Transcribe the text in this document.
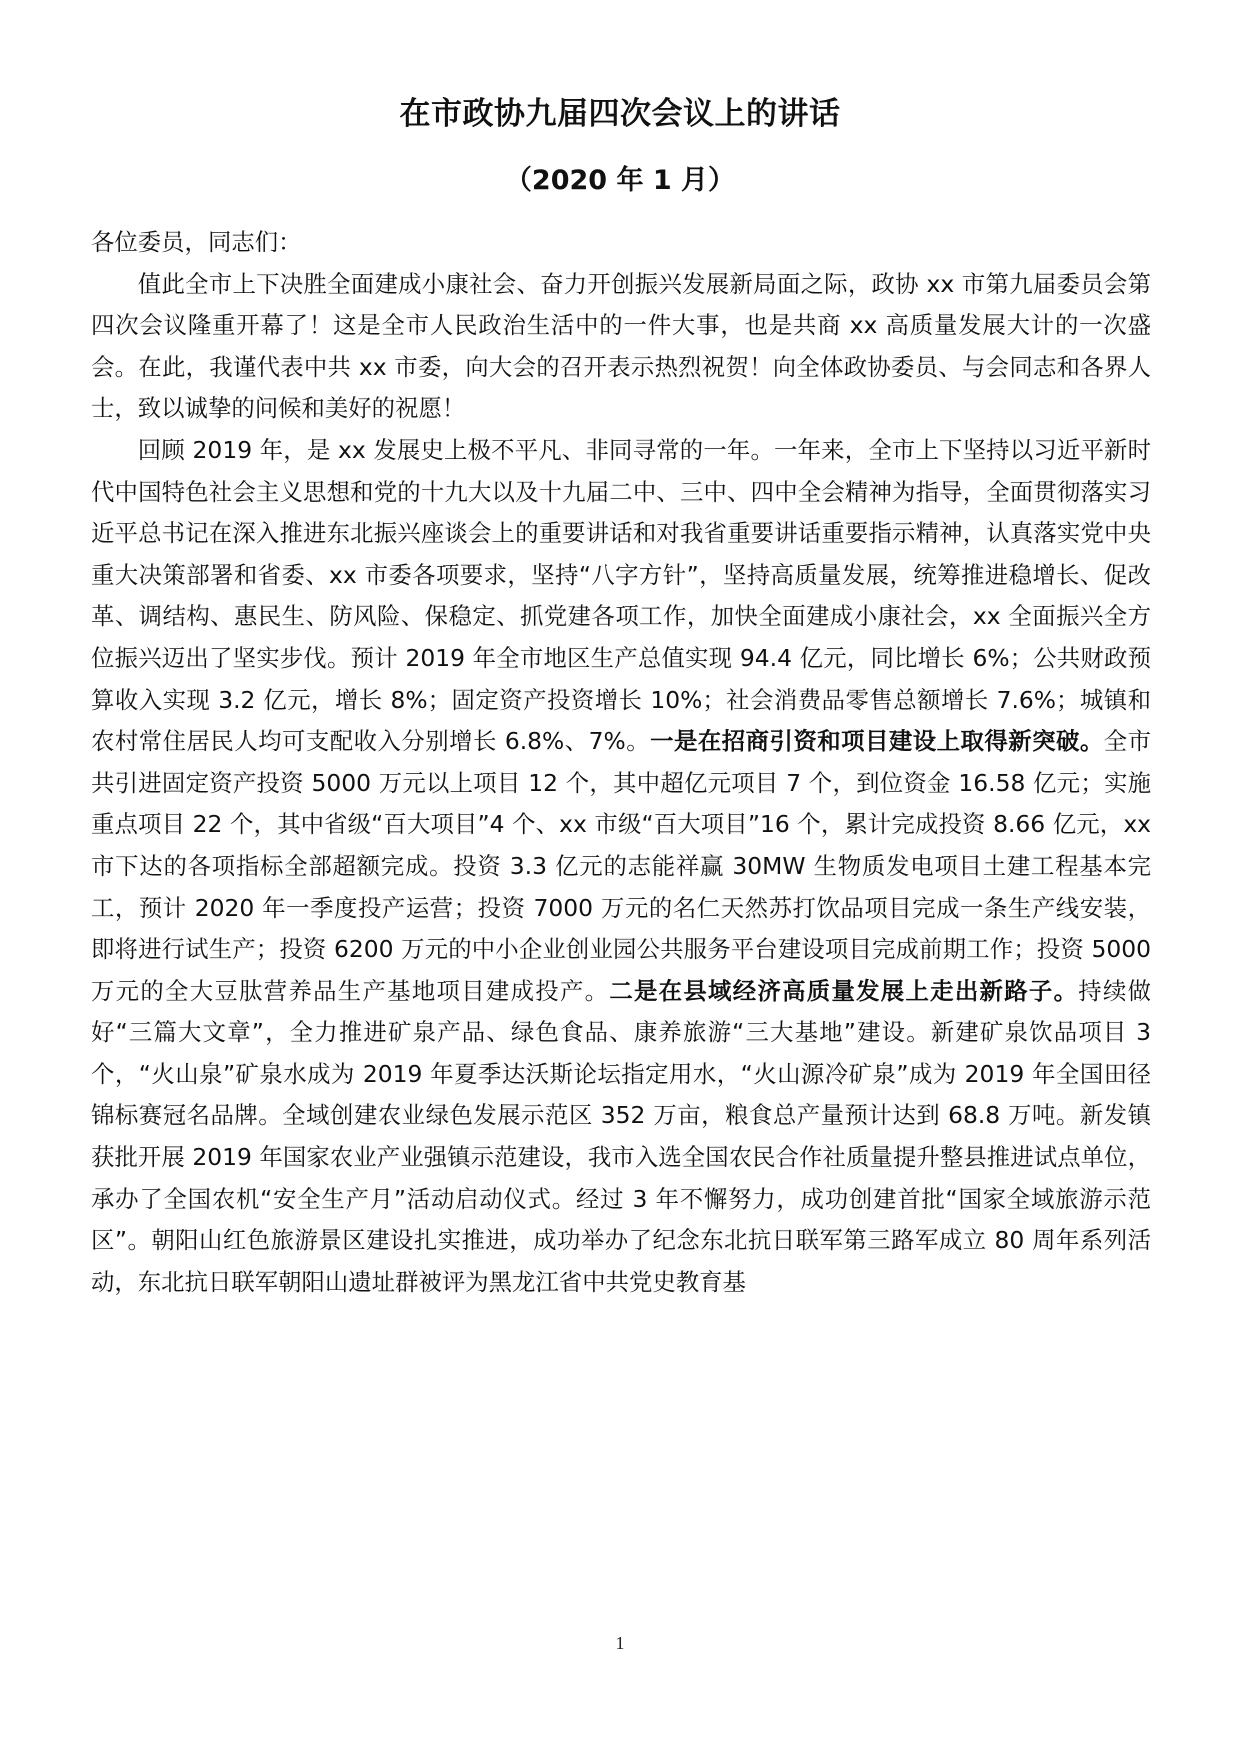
在市政协九届四次会议上的讲话
（2020 年 1 月）

各位委员，同志们：

值此全市上下决胜全面建成小康社会、奋力开创振兴发展新局面之际，政协 xx 市第九届委员会第四次会议隆重开幕了！这是全市人民政治生活中的一件大事，也是共商 xx 高质量发展大计的一次盛会。在此，我谨代表中共 xx 市委，向大会的召开表示热烈祝贺！向全体政协委员、与会同志和各界人士，致以诚挚的问候和美好的祝愿！

回顾 2019 年，是 xx 发展史上极不平凡、非同寻常的一年。一年来，全市上下坚持以习近平新时代中国特色社会主义思想和党的十九大以及十九届二中、三中、四中全会精神为指导，全面贯彻落实习近平总书记在深入推进东北振兴座谈会上的重要讲话和对我省重要讲话重要指示精神，认真落实党中央重大决策部署和省委、xx 市委各项要求，坚持“八字方针”，坚持高质量发展，统筹推进稳增长、促改革、调结构、惠民生、防风险、保稳定、抓党建各项工作，加快全面建成小康社会，xx 全面振兴全方位振兴迈出了坚实步伐。预计 2019 年全市地区生产总值实现 94.4 亿元，同比增长 6%；公共财政预算收入实现 3.2 亿元，增长 8%；固定资产投资增长 10%；社会消费品零售总额增长 7.6%；城镇和农村常住居民人均可支配收入分别增长 6.8%、7%。一是在招商引资和项目建设上取得新突破。全市共引进固定资产投资 5000 万元以上项目 12 个，其中超亿元项目 7 个，到位资金 16.58 亿元；实施重点项目 22 个，其中省级“百大项目”4 个、xx 市级“百大项目”16 个，累计完成投资 8.66 亿元，xx 市下达的各项指标全部超额完成。投资 3.3 亿元的志能祥赢 30MW 生物质发电项目土建工程基本完工，预计 2020 年一季度投产运营；投资 7000 万元的名仁天然苏打饮品项目完成一条生产线安装，即将进行试生产；投资 6200 万元的中小企业创业园公共服务平台建设项目完成前期工作；投资 5000 万元的全大豆肽营养品生产基地项目建成投产。二是在县域经济高质量发展上走出新路子。持续做好“三篇大文章”，全力推进矿泉产品、绿色食品、康养旅游“三大基地”建设。新建矿泉饮品项目 3 个，“火山泉”矿泉水成为 2019 年夏季达沃斯论坛指定用水，“火山源冷矿泉”成为 2019 年全国田径锦标赛冠名品牌。全域创建农业绿色发展示范区 352 万亩，粮食总产量预计达到 68.8 万吨。新发镇获批开展 2019 年国家农业产业强镇示范建设，我市入选全国农民合作社质量提升整县推进试点单位，承办了全国农机“安全生产月”活动启动仪式。经过 3 年不懈努力，成功创建首批“国家全域旅游示范区”。朝阳山红色旅游景区建设扎实推进，成功举办了纪念东北抗日联军第三路军成立 80 周年系列活动，东北抗日联军朝阳山遗址群被评为黑龙江省中共党史教育基

1
